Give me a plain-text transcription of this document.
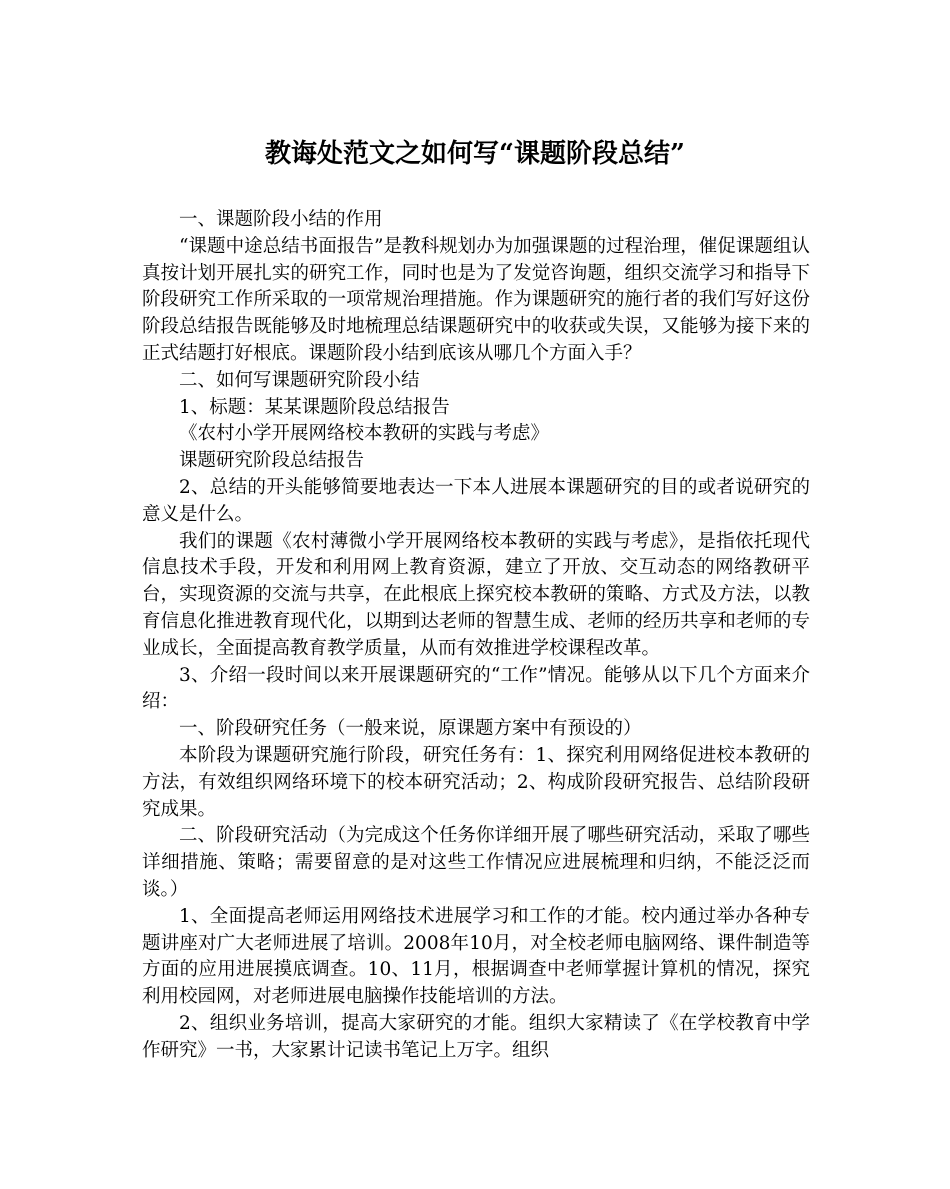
教诲处范文之如何写“课题阶段总结”

一、课题阶段小结的作用

“课题中途总结书面报告”是教科规划办为加强课题的过程治理，催促课题组认真按计划开展扎实的研究工作，同时也是为了发觉咨询题，组织交流学习和指导下阶段研究工作所采取的一项常规治理措施。作为课题研究的施行者的我们写好这份阶段总结报告既能够及时地梳理总结课题研究中的收获或失误，又能够为接下来的正式结题打好根底。课题阶段小结到底该从哪几个方面入手？

二、如何写课题研究阶段小结

1、标题：某某课题阶段总结报告

《农村小学开展网络校本教研的实践与考虑》

课题研究阶段总结报告

2、总结的开头能够简要地表达一下本人进展本课题研究的目的或者说研究的意义是什么。

我们的课题《农村薄微小学开展网络校本教研的实践与考虑》，是指依托现代信息技术手段，开发和利用网上教育资源，建立了开放、交互动态的网络教研平台，实现资源的交流与共享，在此根底上探究校本教研的策略、方式及方法，以教育信息化推进教育现代化，以期到达老师的智慧生成、老师的经历共享和老师的专业成长，全面提高教育教学质量，从而有效推进学校课程改革。

3、介绍一段时间以来开展课题研究的“工作”情况。能够从以下几个方面来介绍：

一、阶段研究任务（一般来说，原课题方案中有预设的）

本阶段为课题研究施行阶段，研究任务有：1、探究利用网络促进校本教研的方法，有效组织网络环境下的校本研究活动；2、构成阶段研究报告、总结阶段研究成果。

二、阶段研究活动（为完成这个任务你详细开展了哪些研究活动，采取了哪些详细措施、策略；需要留意的是对这些工作情况应进展梳理和归纳，不能泛泛而谈。）

1、全面提高老师运用网络技术进展学习和工作的才能。校内通过举办各种专题讲座对广大老师进展了培训。2008年10月，对全校老师电脑网络、课件制造等方面的应用进展摸底调查。10、11月，根据调查中老师掌握计算机的情况，探究利用校园网，对老师进展电脑操作技能培训的方法。

2、组织业务培训，提高大家研究的才能。组织大家精读了《在学校教育中学作研究》一书，大家累计记读书笔记上万字。组织
